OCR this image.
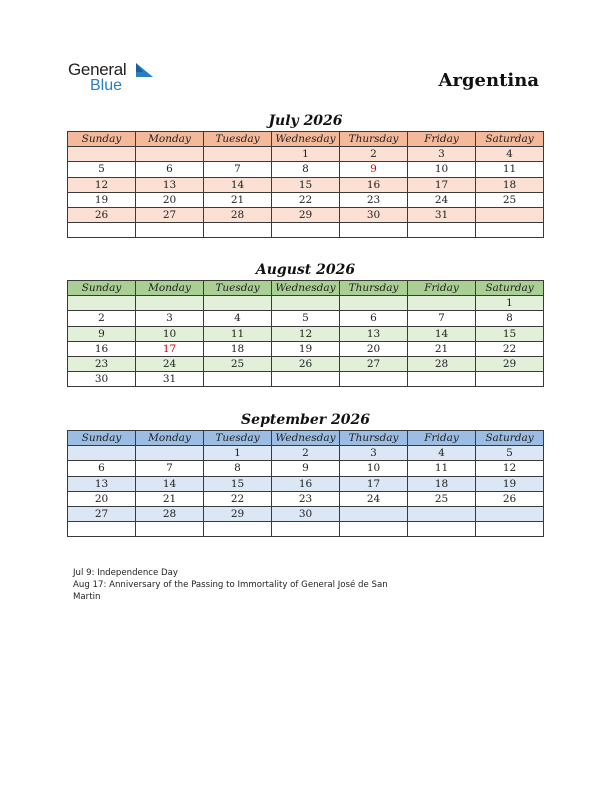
General
Blue	Argentina
July 2026
Sunday	Monday	Tuesday	Wednesday	Thursday	Friday	Saturday
			1	2	3	4
5	6	7	8	9	10	11
12	13	14	15	16	17	18
19	20	21	22	23	24	25
26	27	28	29	30	31	

August 2026
Sunday	Monday	Tuesday	Wednesday	Thursday	Friday	Saturday
						1
2	3	4	5	6	7	8
9	10	11	12	13	14	15
16	17	18	19	20	21	22
23	24	25	26	27	28	29
30	31					
September 2026
Sunday	Monday	Tuesday	Wednesday	Thursday	Friday	Saturday
		1	2	3	4	5
6	7	8	9	10	11	12
13	14	15	16	17	18	19
20	21	22	23	24	25	26
27	28	29	30			

Jul 9: Independence Day

Aug 17: Anniversary of the Passing to Immortality of General José de San Martin
